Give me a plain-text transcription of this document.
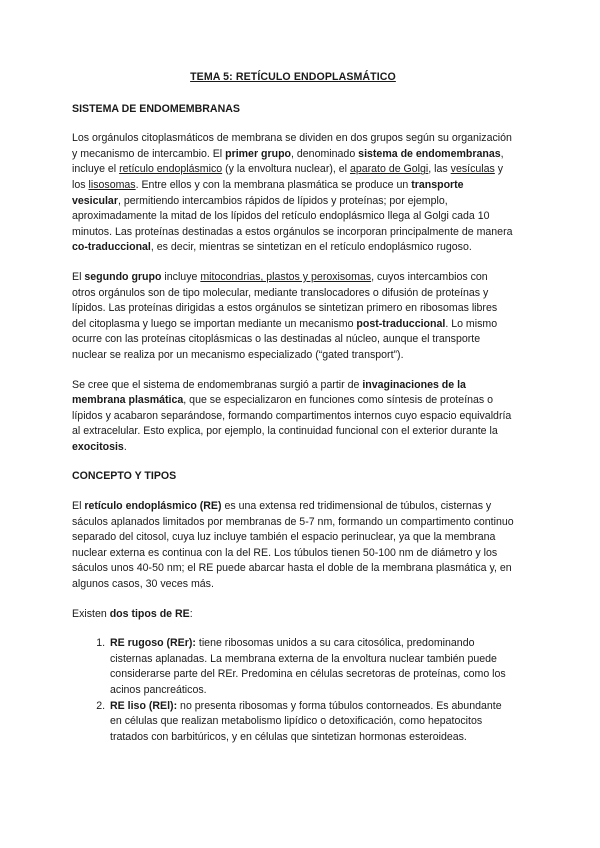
TEMA 5: RETÍCULO ENDOPLASMÁTICO
SISTEMA DE ENDOMEMBRANAS

Los orgánulos citoplasmáticos de membrana se dividen en dos grupos según su organización y mecanismo de intercambio. El primer grupo, denominado sistema de endomembranas, incluye el retículo endoplásmico (y la envoltura nuclear), el aparato de Golgi, las vesículas y los lisosomas. Entre ellos y con la membrana plasmática se produce un transporte vesicular, permitiendo intercambios rápidos de lípidos y proteínas; por ejemplo, aproximadamente la mitad de los lípidos del retículo endoplásmico llega al Golgi cada 10 minutos. Las proteínas destinadas a estos orgánulos se incorporan principalmente de manera co-traduccional, es decir, mientras se sintetizan en el retículo endoplásmico rugoso.

El segundo grupo incluye mitocondrias, plastos y peroxisomas, cuyos intercambios con otros orgánulos son de tipo molecular, mediante translocadores o difusión de proteínas y lípidos. Las proteínas dirigidas a estos orgánulos se sintetizan primero en ribosomas libres del citoplasma y luego se importan mediante un mecanismo post-traduccional. Lo mismo ocurre con las proteínas citoplásmicas o las destinadas al núcleo, aunque el transporte nuclear se realiza por un mecanismo especializado (“gated transport”).

Se cree que el sistema de endomembranas surgió a partir de invaginaciones de la membrana plasmática, que se especializaron en funciones como síntesis de proteínas o lípidos y acabaron separándose, formando compartimentos internos cuyo espacio equivaldría al extracelular. Esto explica, por ejemplo, la continuidad funcional con el exterior durante la exocitosis.

CONCEPTO Y TIPOS

El retículo endoplásmico (RE) es una extensa red tridimensional de túbulos, cisternas y sáculos aplanados limitados por membranas de 5-7 nm, formando un compartimento continuo separado del citosol, cuya luz incluye también el espacio perinuclear, ya que la membrana nuclear externa es continua con la del RE. Los túbulos tienen 50-100 nm de diámetro y los sáculos unos 40-50 nm; el RE puede abarcar hasta el doble de la membrana plasmática y, en algunos casos, 30 veces más.

Existen dos tipos de RE:

1. RE rugoso (REr): tiene ribosomas unidos a su cara citosólica, predominando cisternas aplanadas. La membrana externa de la envoltura nuclear también puede considerarse parte del REr. Predomina en células secretoras de proteínas, como los acinos pancreáticos.
2. RE liso (REl): no presenta ribosomas y forma túbulos contorneados. Es abundante en células que realizan metabolismo lipídico o detoxificación, como hepatocitos tratados con barbitúricos, y en células que sintetizan hormonas esteroideas.
